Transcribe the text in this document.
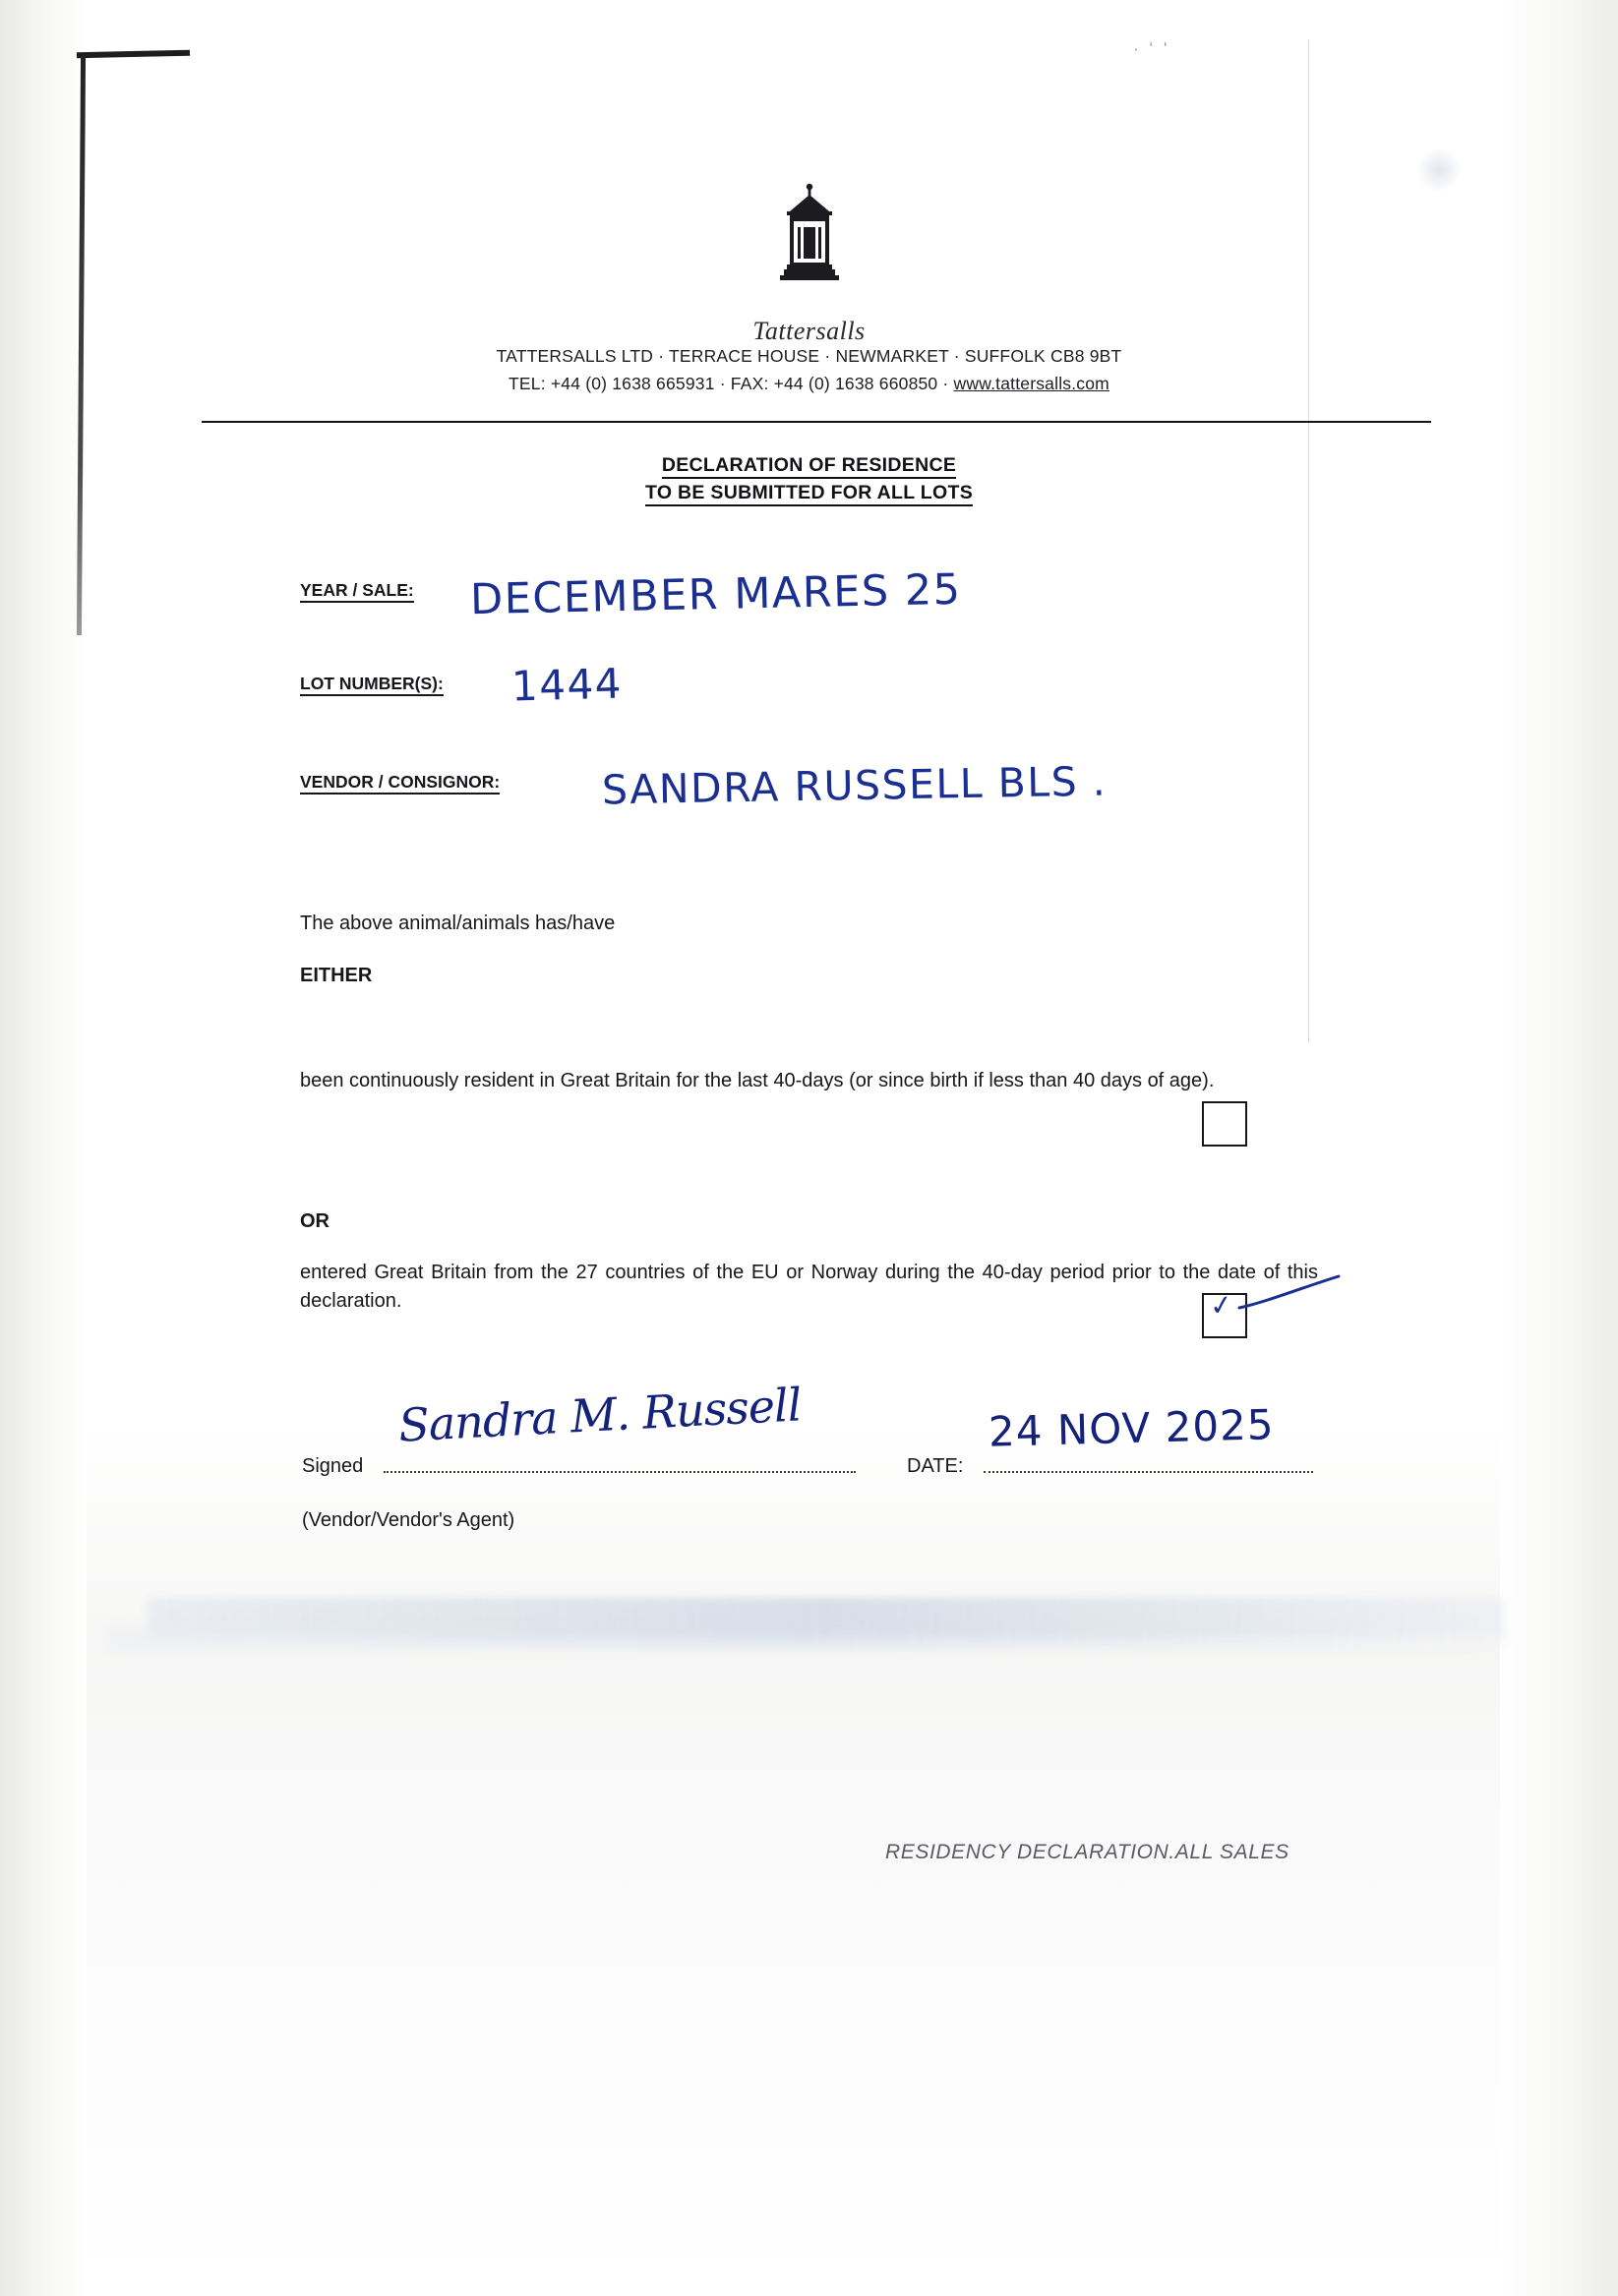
· ʻ ʻ
Tattersalls
TATTERSALLS LTD · TERRACE HOUSE · NEWMARKET · SUFFOLK CB8 9BT
TEL: +44 (0) 1638 665931 · FAX: +44 (0) 1638 660850 · www.tattersalls.com
DECLARATION OF RESIDENCE
TO BE SUBMITTED FOR ALL LOTS
YEAR / SALE: DECEMBER MARES 25
LOT NUMBER(S): 1444
VENDOR / CONSIGNOR:	SANDRA RUSSELL BLS .
The above animal/animals has/have
EITHER
been continuously resident in Great Britain for the last 40-days (or since birth if less than 40 days of age).
OR
entered Great Britain from the 27 countries of the EU or Norway during the 40-day period prior to the date of this declaration.	✓
Signed
Sandra M. Russell
DATE:
24 NOV 2025
(Vendor/Vendor's Agent)
RESIDENCY DECLARATION.ALL SALES
